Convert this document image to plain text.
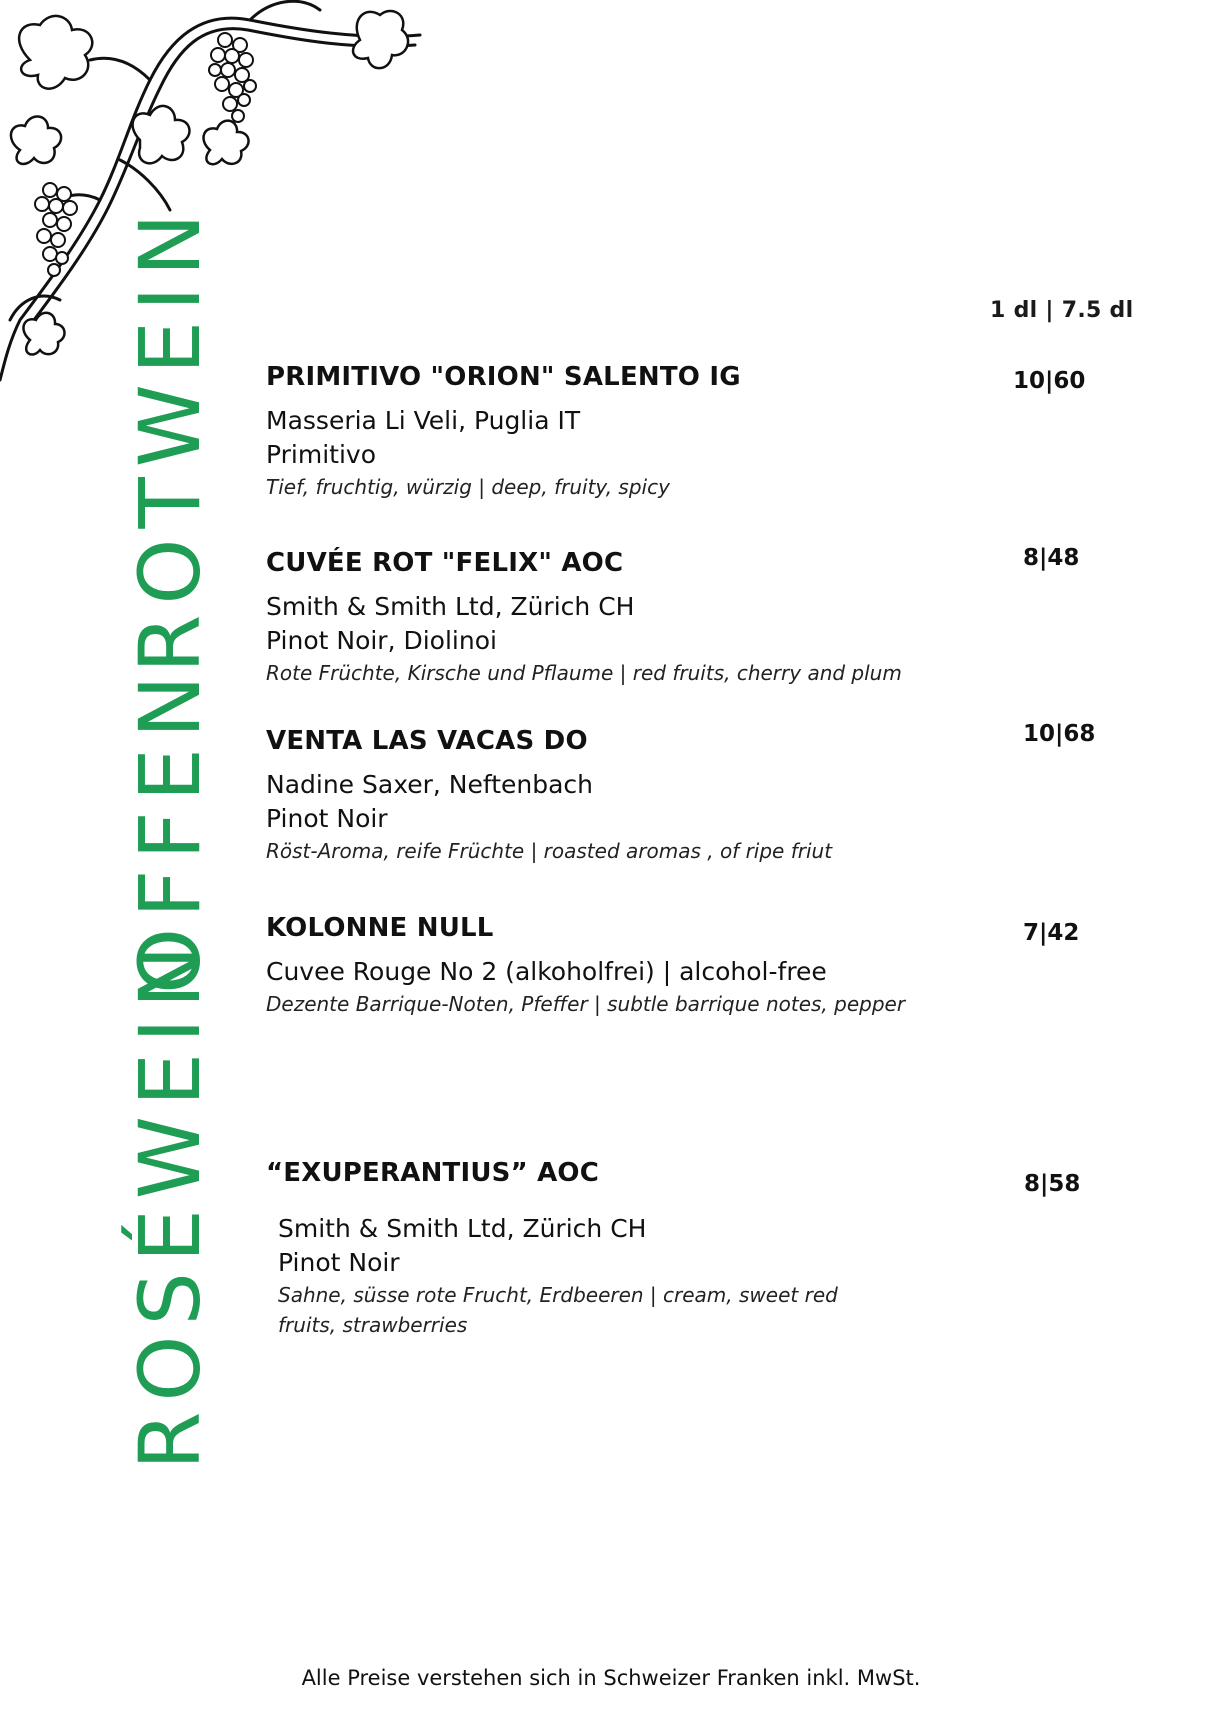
1 dl | 7.5 dl
ROTWEIN
OFFEN
ROSÉWEIN
PRIMITIVO "ORION" SALENTO IG
Masseria Li Veli, Puglia IT
Primitivo
Tief, fruchtig, würzig | deep, fruity, spicy
10|60
CUVÉE ROT "FELIX" AOC
Smith & Smith Ltd, Zürich CH
Pinot Noir, Diolinoi
Rote Früchte, Kirsche und Pflaume | red fruits, cherry and plum
8|48
VENTA LAS VACAS DO
Nadine Saxer, Neftenbach
Pinot Noir
Röst-Aroma, reife Früchte | roasted aromas , of ripe friut
10|68
KOLONNE NULL
Cuvee Rouge No 2 (alkoholfrei) | alcohol-free
Dezente Barrique-Noten, Pfeffer | subtle barrique notes, pepper
7|42
“EXUPERANTIUS” AOC
Smith & Smith Ltd, Zürich CH
Pinot Noir
Sahne, süsse rote Frucht, Erdbeeren | cream, sweet red
fruits, strawberries
8|58
Alle Preise verstehen sich in Schweizer Franken inkl. MwSt.
